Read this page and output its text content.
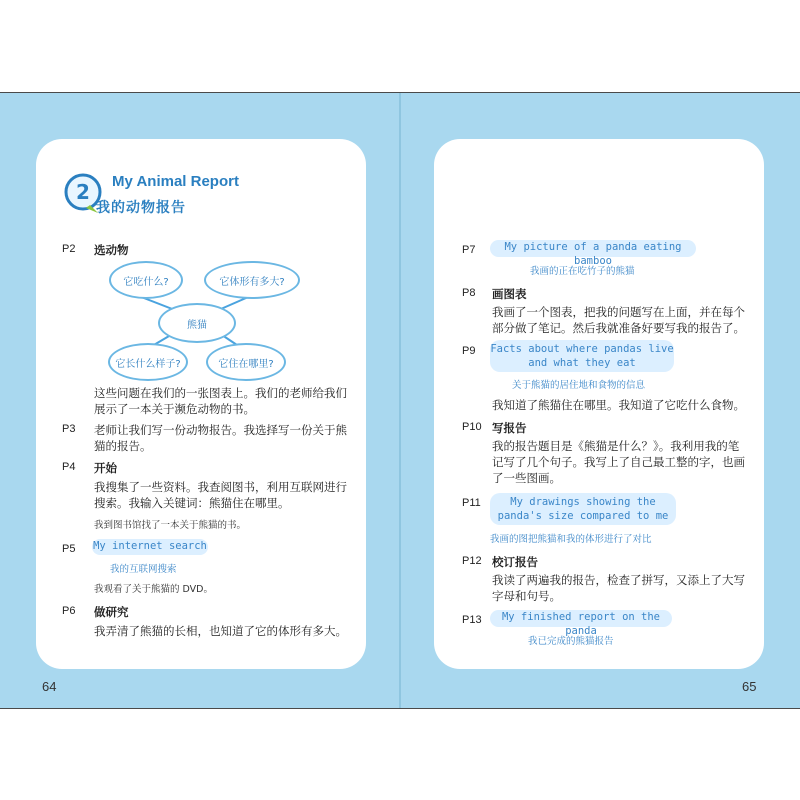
2 My Animal Report
我的动物报告
P2 选动物
它吃什么?	它体形有多大?
熊猫
它长什么样子?	它住在哪里?
这些问题在我们的一张图表上。我们的老师给我们
展示了一本关于濒危动物的书。
P3 老师让我们写一份动物报告。我选择写一份关于熊
猫的报告。
P4 开始
我搜集了一些资料。我查阅图书，利用互联网进行
搜索。我输入关键词：熊猫住在哪里。
我到图书馆找了一本关于熊猫的书。
P5 My internet search
我的互联网搜索
我观看了关于熊猫的 DVD。
P6 做研究
我弄清了熊猫的长相，也知道了它的体形有多大。
P7	My picture of a panda eating bamboo
我画的正在吃竹子的熊猫
P8 画图表
我画了一个图表，把我的问题写在上面，并在每个
部分做了笔记。然后我就准备好要写我的报告了。
P9 Facts about where pandas live
and what they eat
关于熊猫的居住地和食物的信息
我知道了熊猫住在哪里。我知道了它吃什么食物。
P10 写报告
我的报告题目是《熊猫是什么？》。我利用我的笔
记写了几个句子。我写上了自己最工整的字，也画
了一些图画。
P11	My drawings showing the
panda's size compared to me
我画的图把熊猫和我的体形进行了对比
P12 校订报告
我读了两遍我的报告，检查了拼写，又添上了大写
字母和句号。
P13	My finished report on the panda
我已完成的熊猫报告
64	65
